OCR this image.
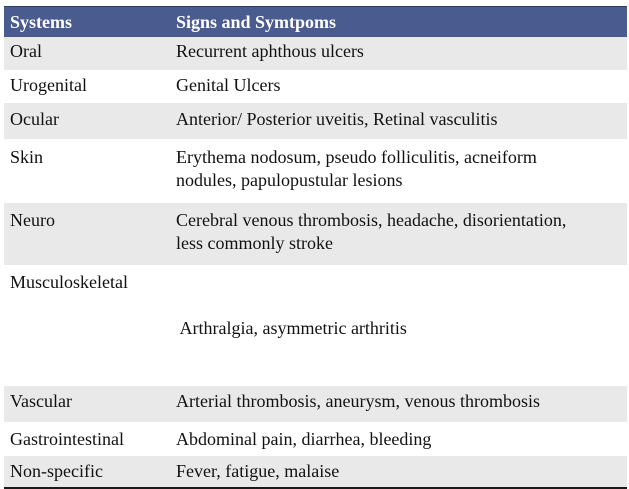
Systems	Signs and Symtpoms
Oral	Recurrent aphthous ulcers

Urogenital	Genital Ulcers

Ocular	Anterior/ Posterior uveitis, Retinal vasculitis

Skin	Erythema nodosum, pseudo folliculitis, acneiform
nodules, papulopustular lesions

Neuro	Cerebral venous thrombosis, headache, disorientation,
less commonly stroke

Musculoskeletal	Arthralgia, asymmetric arthritis

Vascular	Arterial thrombosis, aneurysm, venous thrombosis

Gastrointestinal	Abdominal pain, diarrhea, bleeding

Non-specific	Fever, fatigue, malaise
